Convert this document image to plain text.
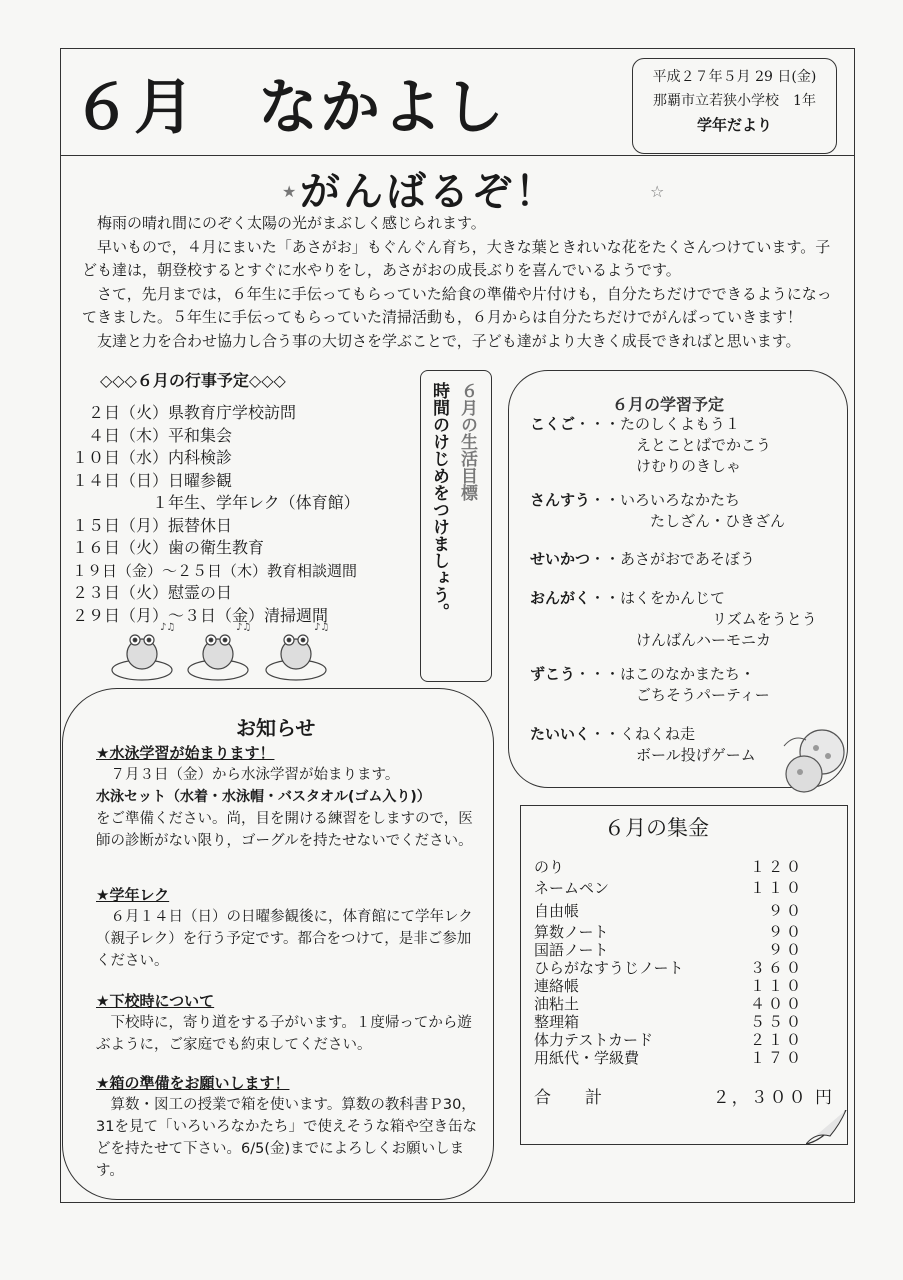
６月　なかよし	平成２７年５月 29 日(金)
那覇市立若狭小学校　1年
学年だより
★ がんばるぞ！	☆

　梅雨の晴れ間にのぞく太陽の光がまぶしく感じられます。

　早いもので，４月にまいた「あさがお」もぐんぐん育ち，大きな葉ときれいな花をたくさんつけています。子ども達は，朝登校するとすぐに水やりをし，あさがおの成長ぶりを喜んでいるようです。

　さて，先月までは，６年生に手伝ってもらっていた給食の準備や片付けも，自分たちだけでできるようになってきました。５年生に手伝ってもらっていた清掃活動も，６月からは自分たちだけでがんばっていきます！

　友達と力を合わせ協力し合う事の大切さを学ぶことで，子ども達がより大きく成長できればと思います。

◇◇◇６月の行事予定◇◇◇
　２日（火）県教育庁学校訪問
　４日（木）平和集会
１０日（水）内科検診
１４日（日）日曜参観
　　　　　１年生、学年レク（体育館）
１５日（月）振替休日
１６日（火）歯の衛生教育
１９日（金）～２５日（木）教育相談週間
２３日（火）慰霊の日
２９日（月）～３日（金）清掃週間
♪♫	♪♫	♪♫
６月の生活目標
時間のけじめをつけましょう。	６月の学習予定
こくご・・・たのしくよもう１
えとことばでかこう
けむりのきしゃ
さんすう・・いろいろなかたち
たしざん・ひきざん
せいかつ・・あさがおであそぼう
おんがく・・はくをかんじて
リズムをうとう
けんばんハーモニカ
ずこう・・・はこのなかまたち・
ごちそうパーティー
たいいく・・くねくね走
ボール投げゲーム
お知らせ
★水泳学習が始まります！
　７月３日（金）から水泳学習が始まります。
水泳セット（水着・水泳帽・バスタオル(ゴム入り)）
をご準備ください。尚，目を開ける練習をしますので，医師の診断がない限り，ゴーグルを持たせないでください。
★学年レク
　６月１４日（日）の日曜参観後に，体育館にて学年レク（親子レク）を行う予定です。都合をつけて，是非ご参加ください。
★下校時について
　下校時に，寄り道をする子がいます。１度帰ってから遊ぶように，ご家庭でも約束してください。
★箱の準備をお願いします！
　算数・図工の授業で箱を使います。算数の教科書Ｐ30，31を見て「いろいろなかたち」で使えそうな箱や空き缶などを持たせて下さい。6/5(金)までによろしくお願いします。
６月の集金
のり	１２０
ネームペン	１１０
自由帳	９０
算数ノート	９０
国語ノート	９０
ひらがなすうじノート	３６０
連絡帳	１１０
油粘土	４００
整理箱	５５０
体力テストカード	２１０
用紙代・学級費	１７０
合　　計	２，３００ 円
